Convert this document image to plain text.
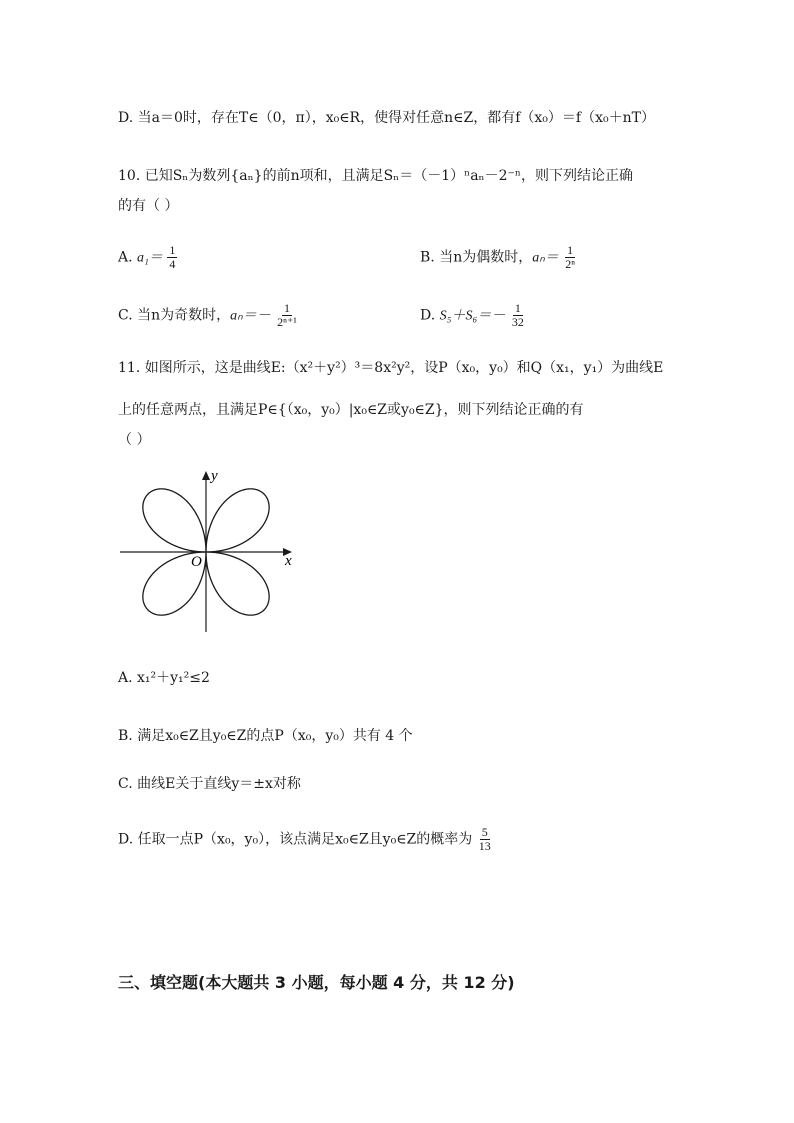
D. 当a＝0时，存在T∈（0，π），x₀∈R，使得对任意n∈Z，都有f（x₀）＝f（x₀＋nT）
10. 已知Sₙ为数列{aₙ}的前n项和，且满足Sₙ＝（－1）ⁿaₙ－2⁻ⁿ，则下列结论正确
的有（ ）
A. $a_1= \frac{1}{4}$	B. 当n为偶数时，$a_n= \frac{1}{\text{2ⁿ}}$
C. 当n为奇数时，$a_n=- \frac{1}{\text{2ⁿ⁺¹}}$	D. $S_5+S_6=- \frac{1}{32}$
11. 如图所示，这是曲线E:（x²＋y²）³＝8x²y²，设P（x₀，y₀）和Q（x₁，y₁）为曲线E
上的任意两点，且满足P∈{（x₀，y₀）|x₀∈Z或y₀∈Z}，则下列结论正确的有
（ ）
x
y
O
A. x₁²＋y₁²≤2
B. 满足x₀∈Z且y₀∈Z的点P（x₀，y₀）共有 4 个
C. 曲线E关于直线y＝±x对称
D. 任取一点P（x₀，y₀），该点满足x₀∈Z且y₀∈Z的概率为 $\frac{5}{13}$
三、填空题(本大题共 3 小题，每小题 4 分，共 12 分)
